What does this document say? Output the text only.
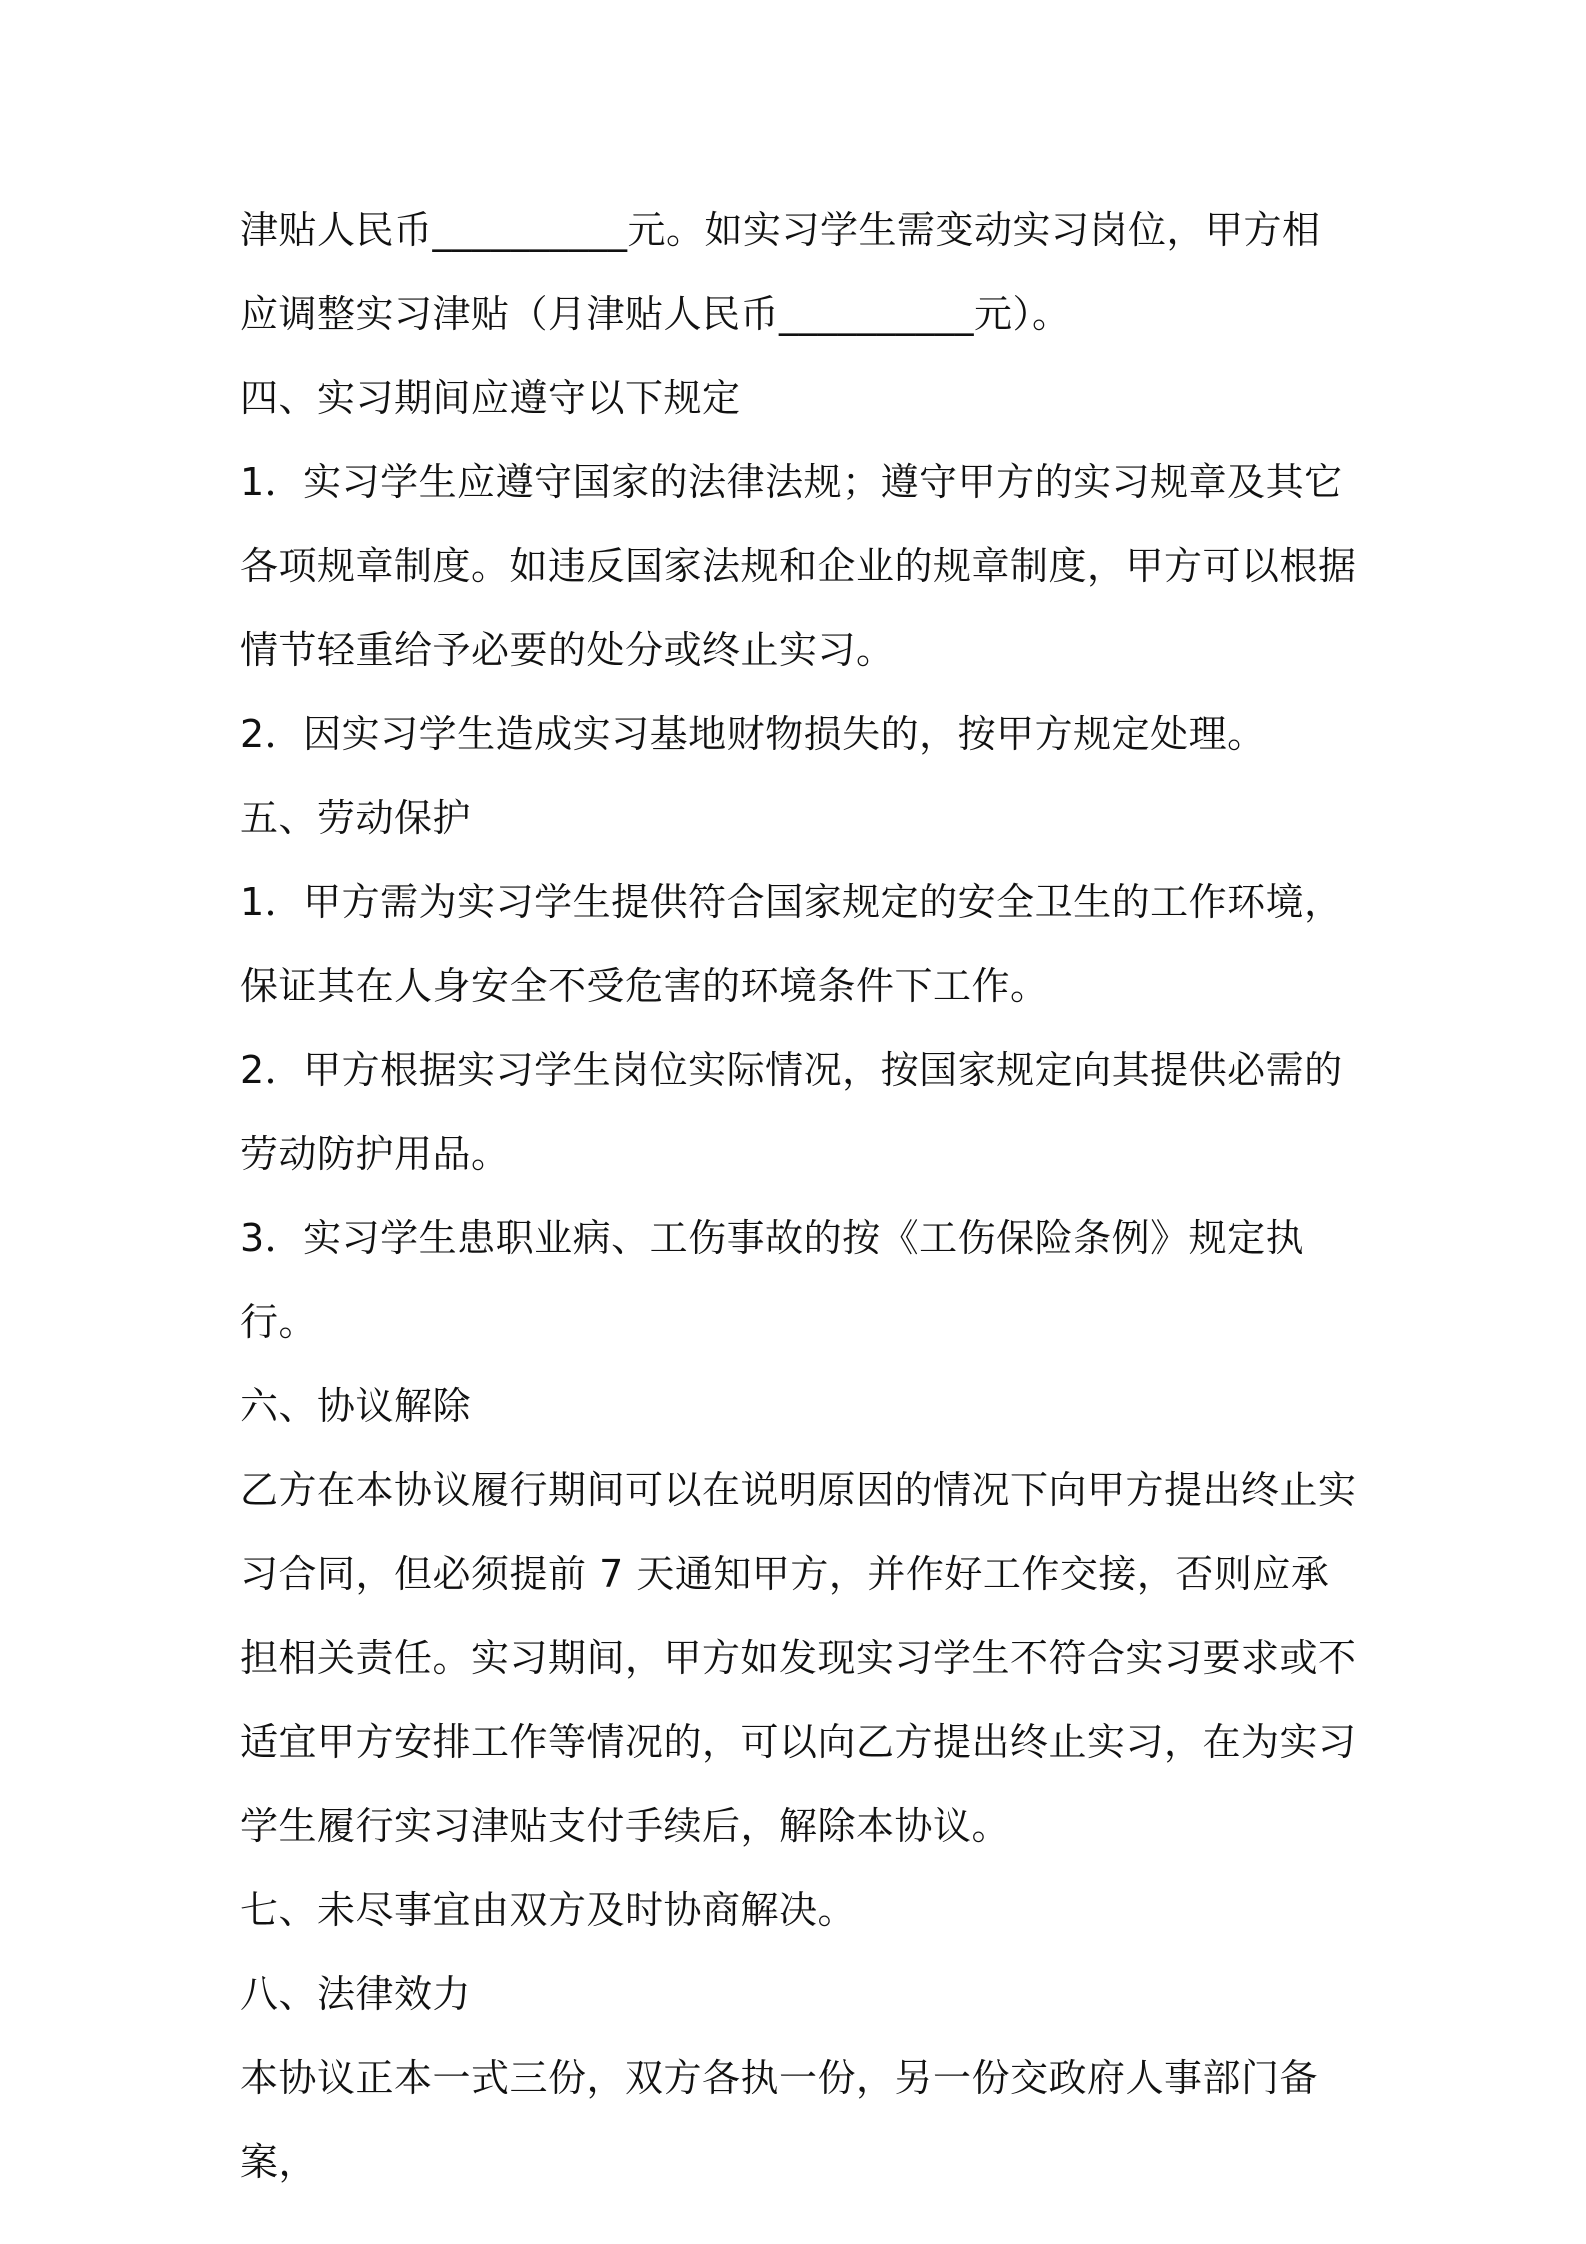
津贴人民币__________元。如实习学生需变动实习岗位，甲方相应调整实习津贴（月津贴人民币__________元）。

四、实习期间应遵守以下规定

1．实习学生应遵守国家的法律法规；遵守甲方的实习规章及其它各项规章制度。如违反国家法规和企业的规章制度，甲方可以根据情节轻重给予必要的处分或终止实习。

2．因实习学生造成实习基地财物损失的，按甲方规定处理。

五、劳动保护

1．甲方需为实习学生提供符合国家规定的安全卫生的工作环境，保证其在人身安全不受危害的环境条件下工作。

2．甲方根据实习学生岗位实际情况，按国家规定向其提供必需的劳动防护用品。

3．实习学生患职业病、工伤事故的按《工伤保险条例》规定执行。

六、协议解除

乙方在本协议履行期间可以在说明原因的情况下向甲方提出终止实习合同，但必须提前 7 天通知甲方，并作好工作交接，否则应承担相关责任。实习期间，甲方如发现实习学生不符合实习要求或不适宜甲方安排工作等情况的，可以向乙方提出终止实习，在为实习学生履行实习津贴支付手续后，解除本协议。

七、未尽事宜由双方及时协商解决。

八、法律效力

本协议正本一式三份，双方各执一份，另一份交政府人事部门备案，
